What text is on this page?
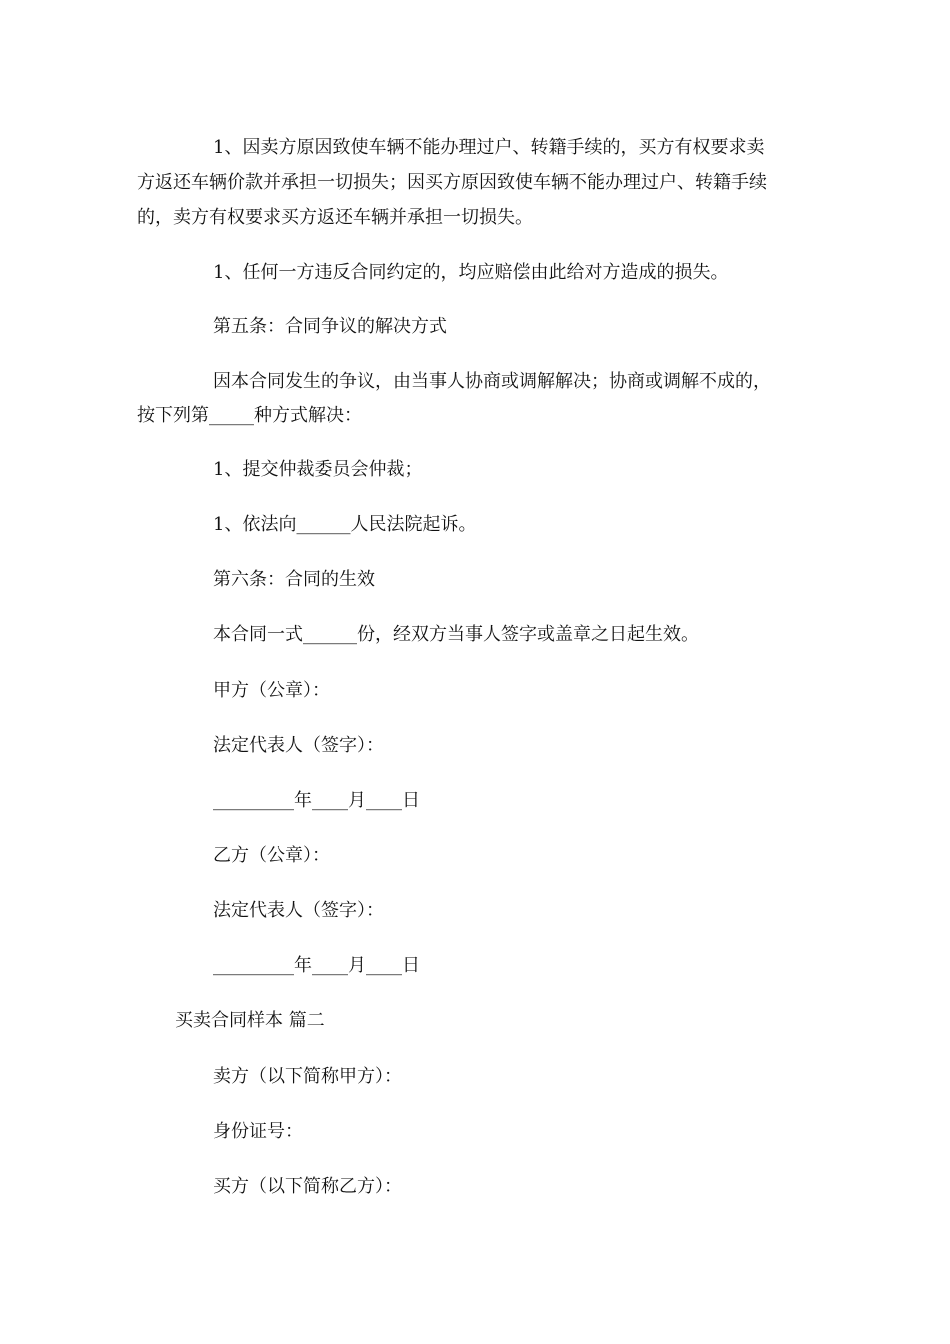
1、因卖方原因致使车辆不能办理过户、转籍手续的，买方有权要求卖

方返还车辆价款并承担一切损失；因买方原因致使车辆不能办理过户、转籍手续

的，卖方有权要求买方返还车辆并承担一切损失。

1、任何一方违反合同约定的，均应赔偿由此给对方造成的损失。

第五条：合同争议的解决方式

因本合同发生的争议，由当事人协商或调解解决；协商或调解不成的，

按下列第_____种方式解决：

1、提交仲裁委员会仲裁；

1、依法向______人民法院起诉。

第六条：合同的生效

本合同一式______份，经双方当事人签字或盖章之日起生效。

甲方（公章）：

法定代表人（签字）：

_________年____月____日

乙方（公章）：

法定代表人（签字）：

_________年____月____日

买卖合同样本 篇二

卖方（以下简称甲方）：

身份证号：

买方（以下简称乙方）：
